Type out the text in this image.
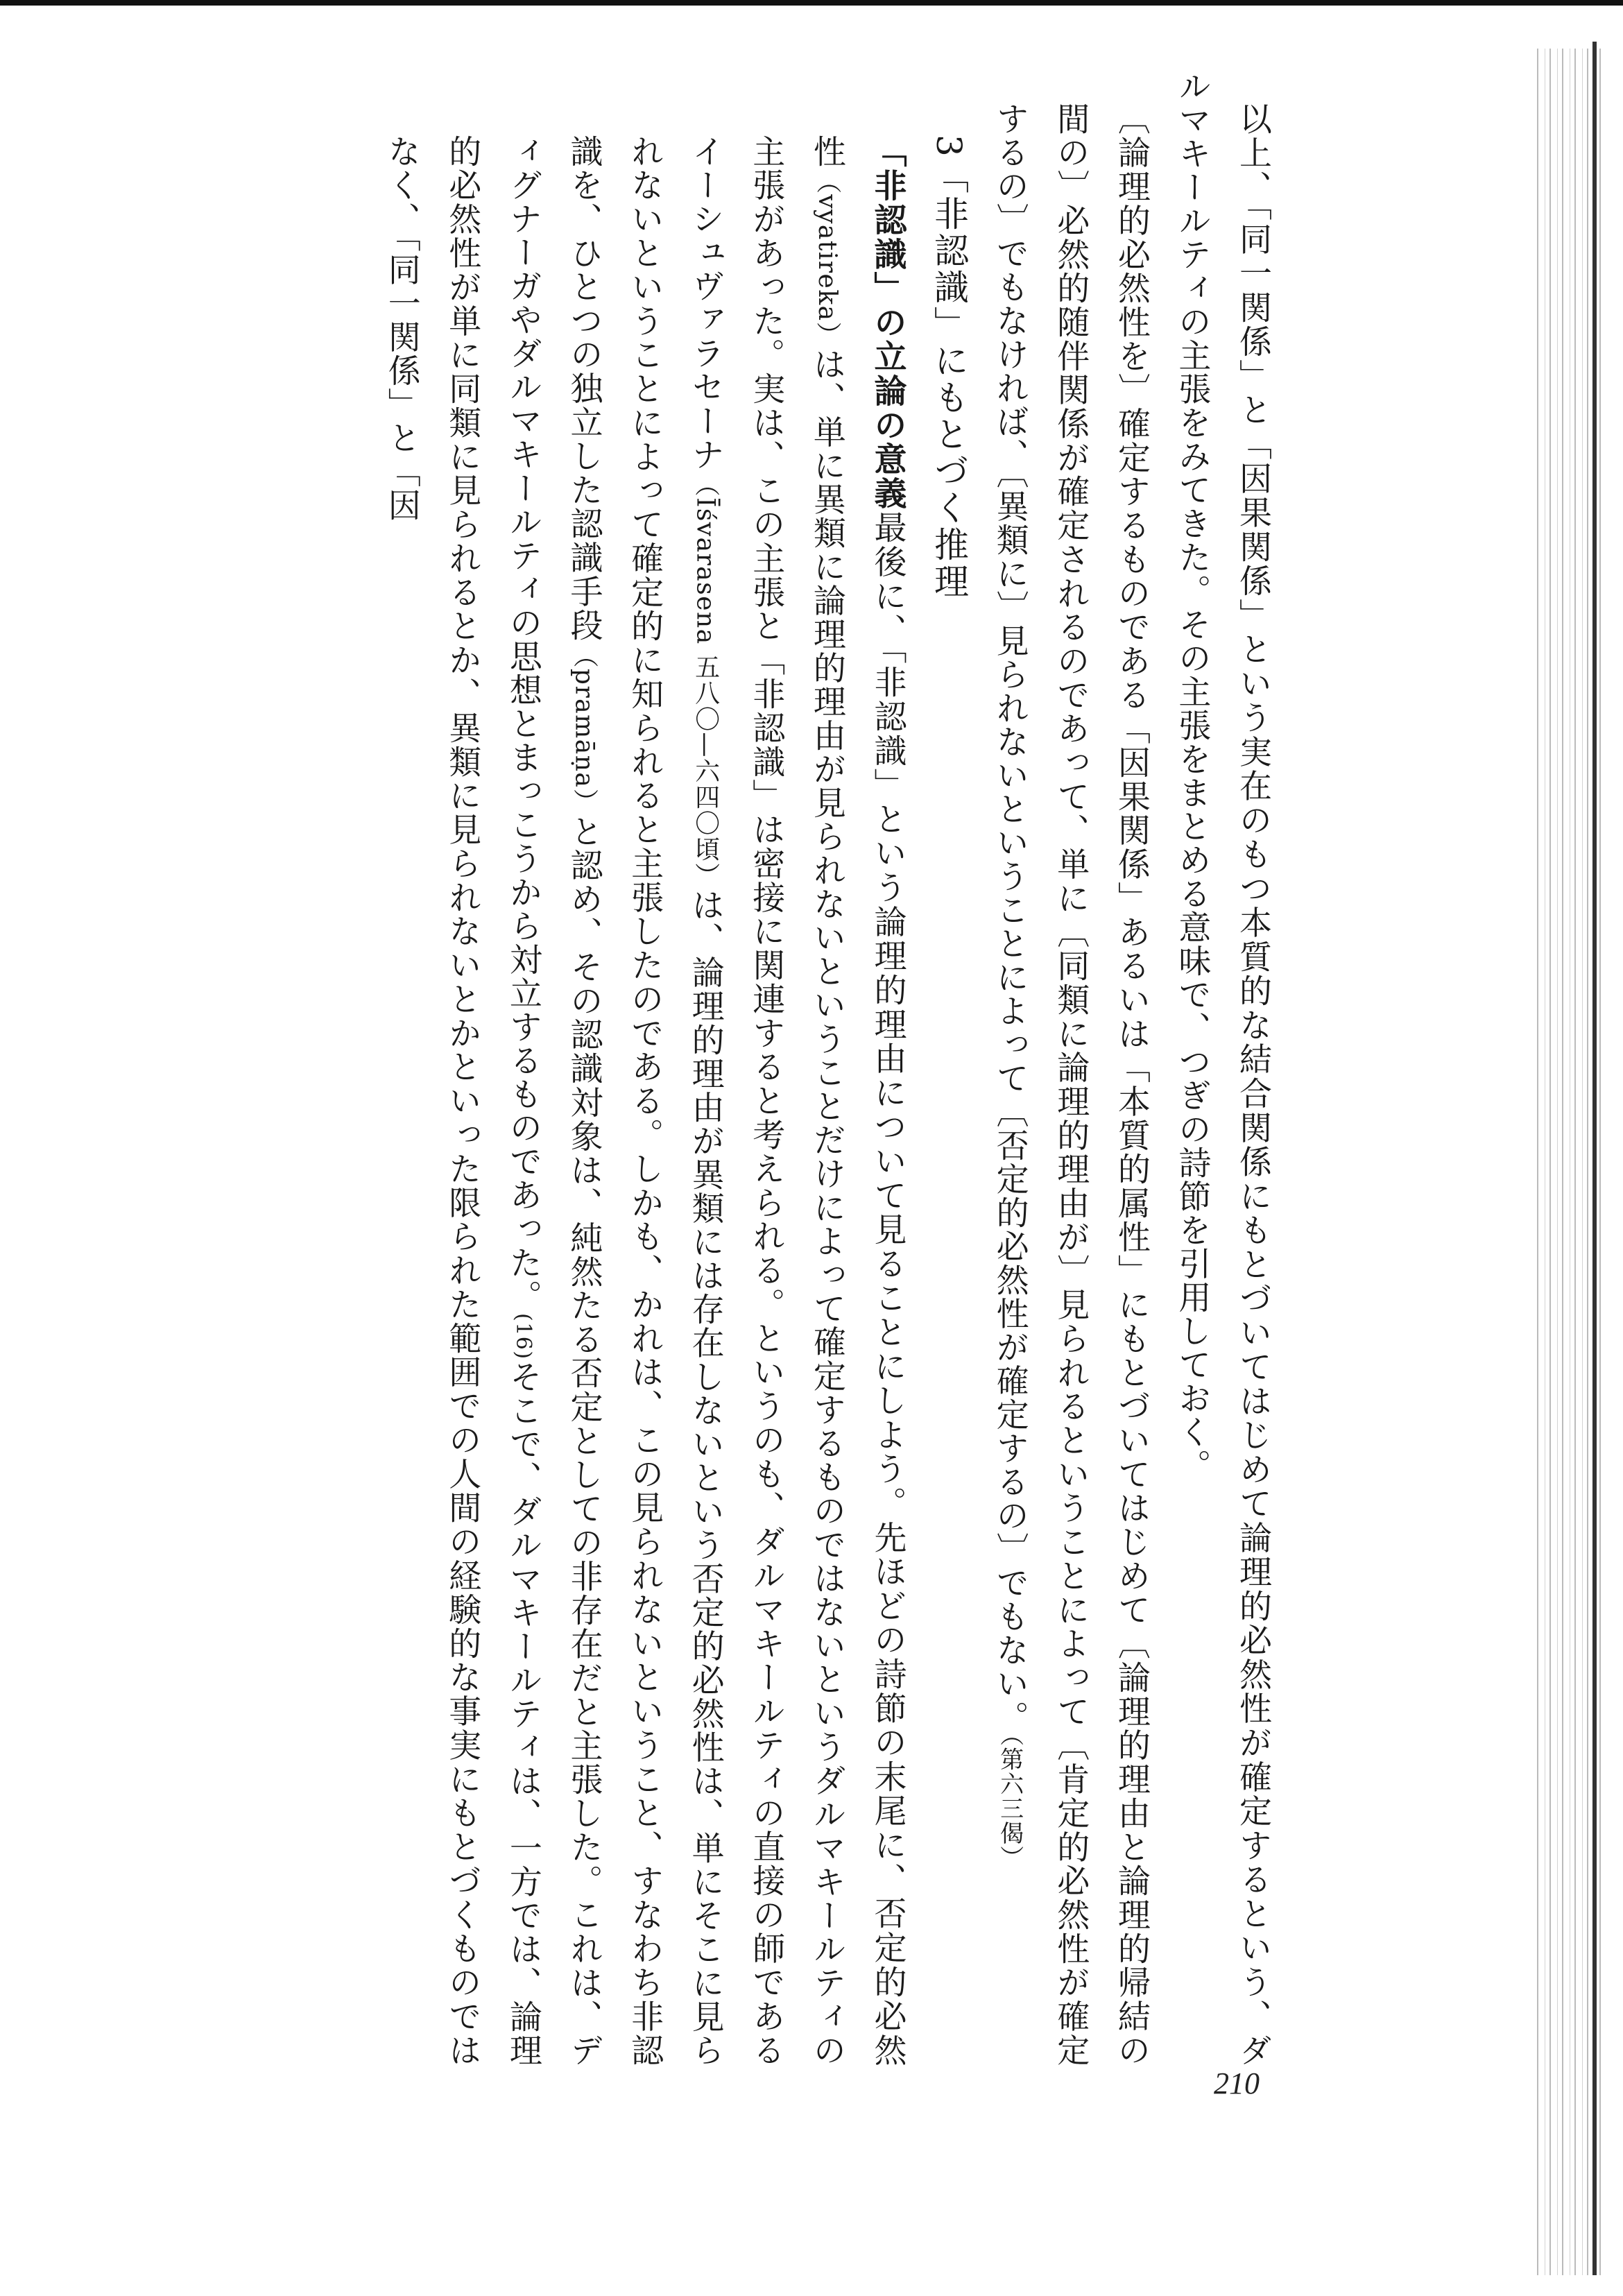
以上、「同一関係」と「因果関係」という実在のもつ本質的な結合関係にもとづいてはじめて論理的必然性が確定するという、ダルマキールティの主張をみてきた。その主張をまとめる意味で、つぎの詩節を引用しておく。

〔論理的必然性を〕確定するものである「因果関係」あるいは「本質的属性」にもとづいてはじめて〔論理的理由と論理的帰結の間の〕必然的随伴関係が確定されるのであって、単に〔同類に論理的理由が〕見られるということによって〔肯定的必然性が確定するの〕でもなければ、〔異類に〕見られないということによって〔否定的必然性が確定するの〕でもない。（第六三偈）

3「非認識」にもとづく推理

「非認識」の立論の意義最後に、「非認識」という論理的理由について見ることにしよう。先ほどの詩節の末尾に、否定的必然性（vyatireka）は、単に異類に論理的理由が見られないということだけによって確定するものではないというダルマキールティの主張があった。実は、この主張と「非認識」は密接に関連すると考えられる。というのも、ダルマキールティの直接の師であるイーシュヴァラセーナ（Īśvarasena 五八〇—六四〇頃）は、論理的理由が異類には存在しないという否定的必然性は、単にそこに見られないということによって確定的に知られると主張したのである。しかも、かれは、この見られないということ、すなわち非認識を、ひとつの独立した認識手段（pramāṇa）と認め、その認識対象は、純然たる否定としての非存在だと主張した。これは、ディグナーガやダルマキールティの思想とまっこうから対立するものであった。(16)そこで、ダルマキールティは、一方では、論理的必然性が単に同類に見られるとか、異類に見られないとかといった限られた範囲での人間の経験的な事実にもとづくものではなく、「同一関係」と「因

210
